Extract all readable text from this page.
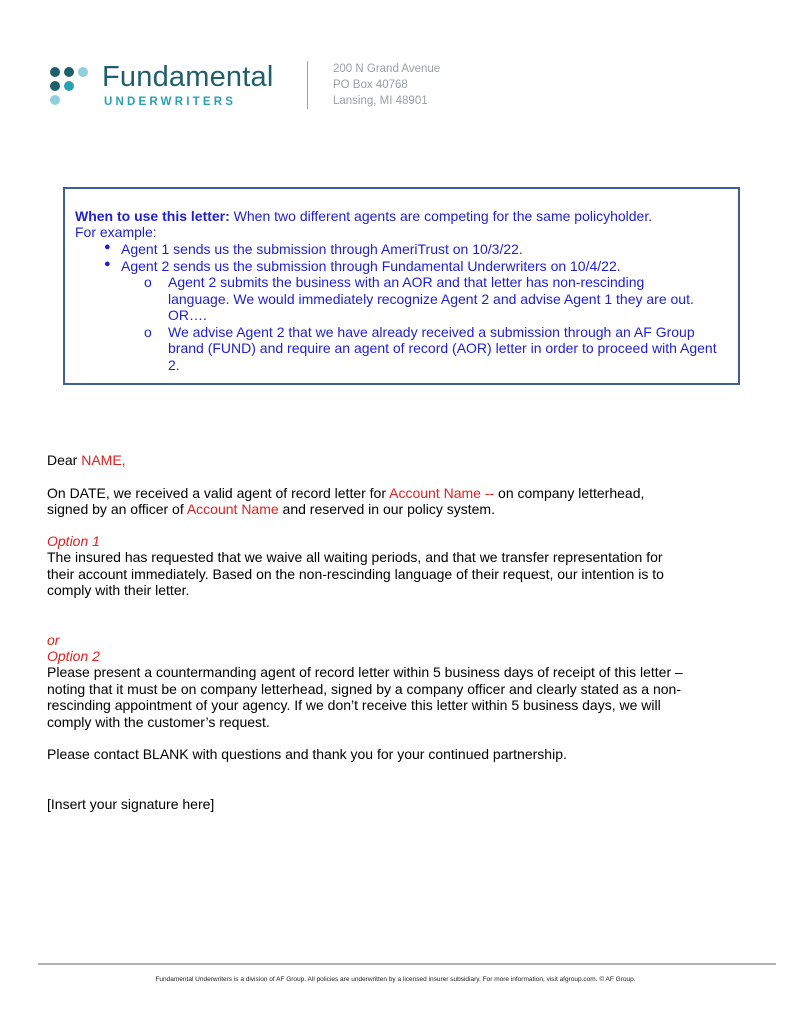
Fundamental
UNDERWRITERS
200 N Grand Avenue
PO Box 40768
Lansing, MI 48901
When to use this letter: When two different agents are competing for the same policyholder.
For example:
● Agent 1 sends us the submission through AmeriTrust on 10/3/22.
● Agent 2 sends us the submission through Fundamental Underwriters on 10/4/22.
o Agent 2 submits the business with an AOR and that letter has non-rescinding
language. We would immediately recognize Agent 2 and advise Agent 1 they are out.
OR….
o We advise Agent 2 that we have already received a submission through an AF Group
brand (FUND) and require an agent of record (AOR) letter in order to proceed with Agent
2.
Dear NAME,
On DATE, we received a valid agent of record letter for Account Name -- on company letterhead,
signed by an officer of Account Name and reserved in our policy system.
Option 1
The insured has requested that we waive all waiting periods, and that we transfer representation for
their account immediately. Based on the non-rescinding language of their request, our intention is to
comply with their letter.
or
Option 2
Please present a countermanding agent of record letter within 5 business days of receipt of this letter –
noting that it must be on company letterhead, signed by a company officer and clearly stated as a non-
rescinding appointment of your agency. If we don’t receive this letter within 5 business days, we will
comply with the customer’s request.
Please contact BLANK with questions and thank you for your continued partnership.
[Insert your signature here]
Fundamental Underwriters is a division of AF Group. All policies are underwritten by a licensed insurer subsidiary. For more information, visit afgroup.com. © AF Group.
